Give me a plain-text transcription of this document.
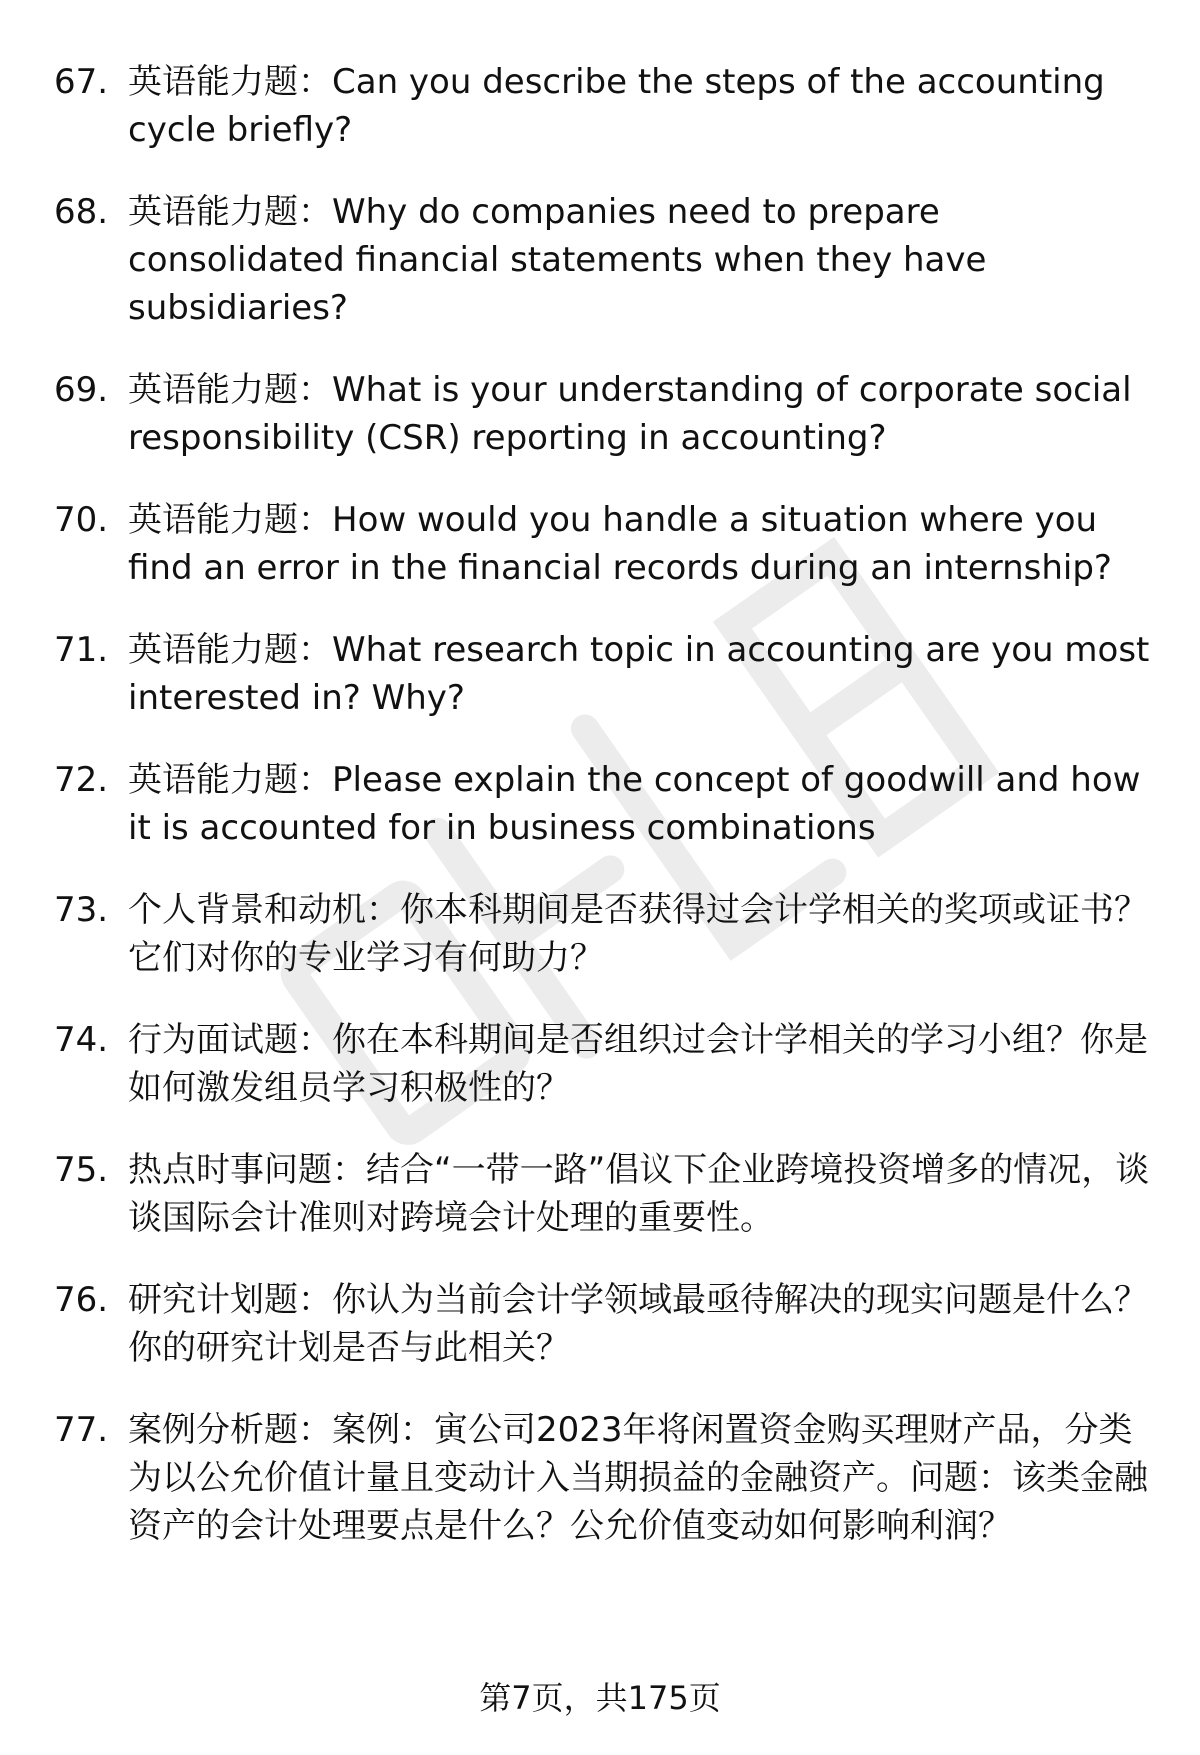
67. 英语能力题：Can you describe the steps of the accounting cycle briefly?
68. 英语能力题：Why do companies need to prepare consolidated financial statements when they have subsidiaries?
69. 英语能力题：What is your understanding of corporate social responsibility (CSR) reporting in accounting?
70. 英语能力题：How would you handle a situation where you find an error in the financial records during an internship?
71. 英语能力题：What research topic in accounting are you most interested in? Why?
72. 英语能力题：Please explain the concept of goodwill and how it is accounted for in business combinations
73. 个人背景和动机：你本科期间是否获得过会计学相关的奖项或证书？它们对你的专业学习有何助力？
74. 行为面试题：你在本科期间是否组织过会计学相关的学习小组？你是如何激发组员学习积极性的？
75. 热点时事问题：结合“一带一路”倡议下企业跨境投资增多的情况，谈谈国际会计准则对跨境会计处理的重要性。
76. 研究计划题：你认为当前会计学领域最亟待解决的现实问题是什么？你的研究计划是否与此相关？
77. 案例分析题：案例：寅公司2023年将闲置资金购买理财产品，分类为以公允价值计量且变动计入当期损益的金融资产。问题：该类金融资产的会计处理要点是什么？公允价值变动如何影响利润？
第7页，共175页
